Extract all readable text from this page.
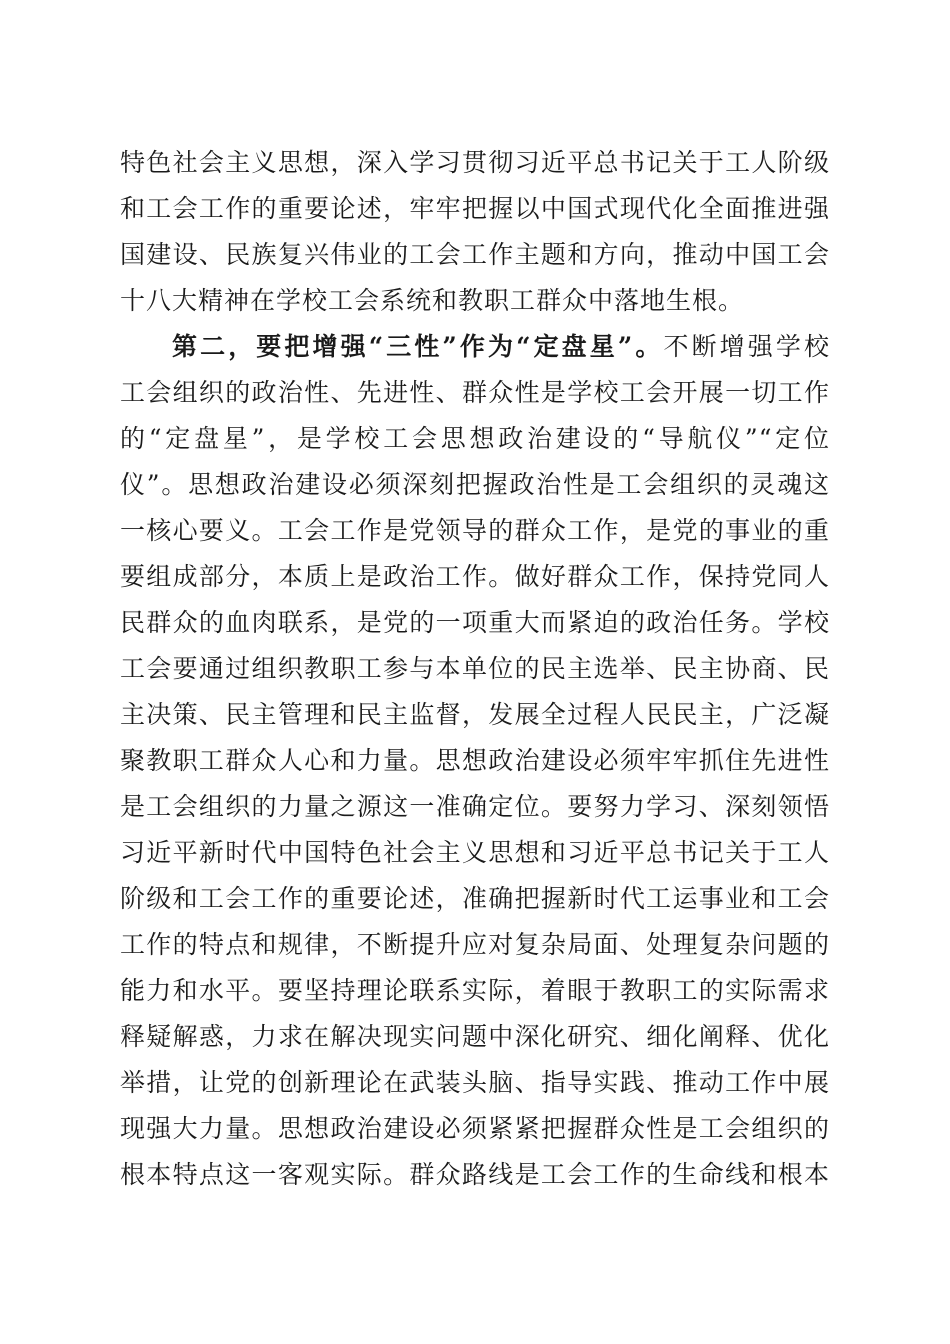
特色社会主义思想，深入学习贯彻习近平总书记关于工人阶级
和工会工作的重要论述，牢牢把握以中国式现代化全面推进强
国建设、民族复兴伟业的工会工作主题和方向，推动中国工会
十八大精神在学校工会系统和教职工群众中落地生根。
第二，要把增强“三性”作为“定盘星”。不断增强学校
工会组织的政治性、先进性、群众性是学校工会开展一切工作
的“定盘星”，是学校工会思想政治建设的“导航仪”“定位
仪”。思想政治建设必须深刻把握政治性是工会组织的灵魂这
一核心要义。工会工作是党领导的群众工作，是党的事业的重
要组成部分，本质上是政治工作。做好群众工作，保持党同人
民群众的血肉联系，是党的一项重大而紧迫的政治任务。学校
工会要通过组织教职工参与本单位的民主选举、民主协商、民
主决策、民主管理和民主监督，发展全过程人民民主，广泛凝
聚教职工群众人心和力量。思想政治建设必须牢牢抓住先进性
是工会组织的力量之源这一准确定位。要努力学习、深刻领悟
习近平新时代中国特色社会主义思想和习近平总书记关于工人
阶级和工会工作的重要论述，准确把握新时代工运事业和工会
工作的特点和规律，不断提升应对复杂局面、处理复杂问题的
能力和水平。要坚持理论联系实际，着眼于教职工的实际需求
释疑解惑，力求在解决现实问题中深化研究、细化阐释、优化
举措，让党的创新理论在武装头脑、指导实践、推动工作中展
现强大力量。思想政治建设必须紧紧把握群众性是工会组织的
根本特点这一客观实际。群众路线是工会工作的生命线和根本
